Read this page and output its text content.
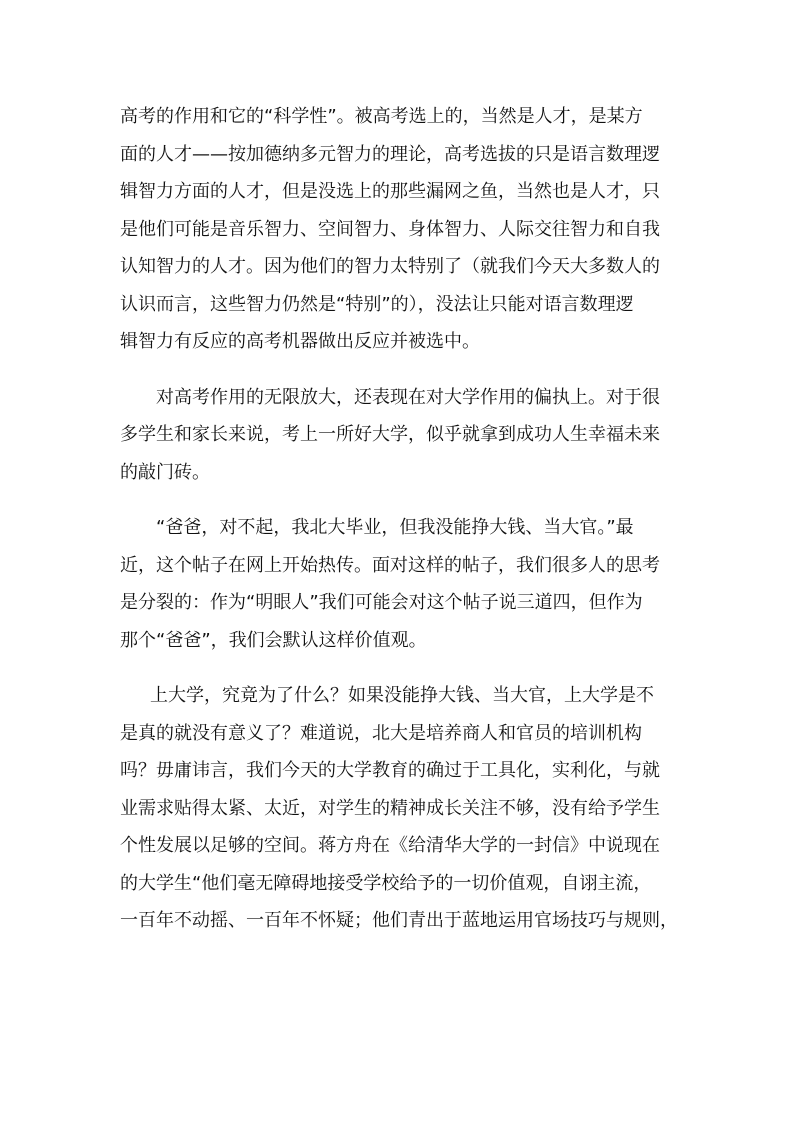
高考的作用和它的“科学性”。被高考选上的，当然是人才，是某方
面的人才——按加德纳多元智力的理论，高考选拔的只是语言数理逻
辑智力方面的人才，但是没选上的那些漏网之鱼，当然也是人才，只
是他们可能是音乐智力、空间智力、身体智力、人际交往智力和自我
认知智力的人才。因为他们的智力太特别了（就我们今天大多数人的
认识而言，这些智力仍然是“特别”的），没法让只能对语言数理逻
辑智力有反应的高考机器做出反应并被选中。
对高考作用的无限放大，还表现在对大学作用的偏执上。对于很
多学生和家长来说，考上一所好大学，似乎就拿到成功人生幸福未来
的敲门砖。
“爸爸，对不起，我北大毕业，但我没能挣大钱、当大官。”最
近，这个帖子在网上开始热传。面对这样的帖子，我们很多人的思考
是分裂的：作为“明眼人”我们可能会对这个帖子说三道四，但作为
那个“爸爸”，我们会默认这样价值观。
上大学，究竟为了什么？如果没能挣大钱、当大官，上大学是不
是真的就没有意义了？难道说，北大是培养商人和官员的培训机构
吗？毋庸讳言，我们今天的大学教育的确过于工具化，实利化，与就
业需求贴得太紧、太近，对学生的精神成长关注不够，没有给予学生
个性发展以足够的空间。蒋方舟在《给清华大学的一封信》中说现在
的大学生“他们毫无障碍地接受学校给予的一切价值观，自诩主流，
一百年不动摇、一百年不怀疑；他们青出于蓝地运用官场技巧与规则，
